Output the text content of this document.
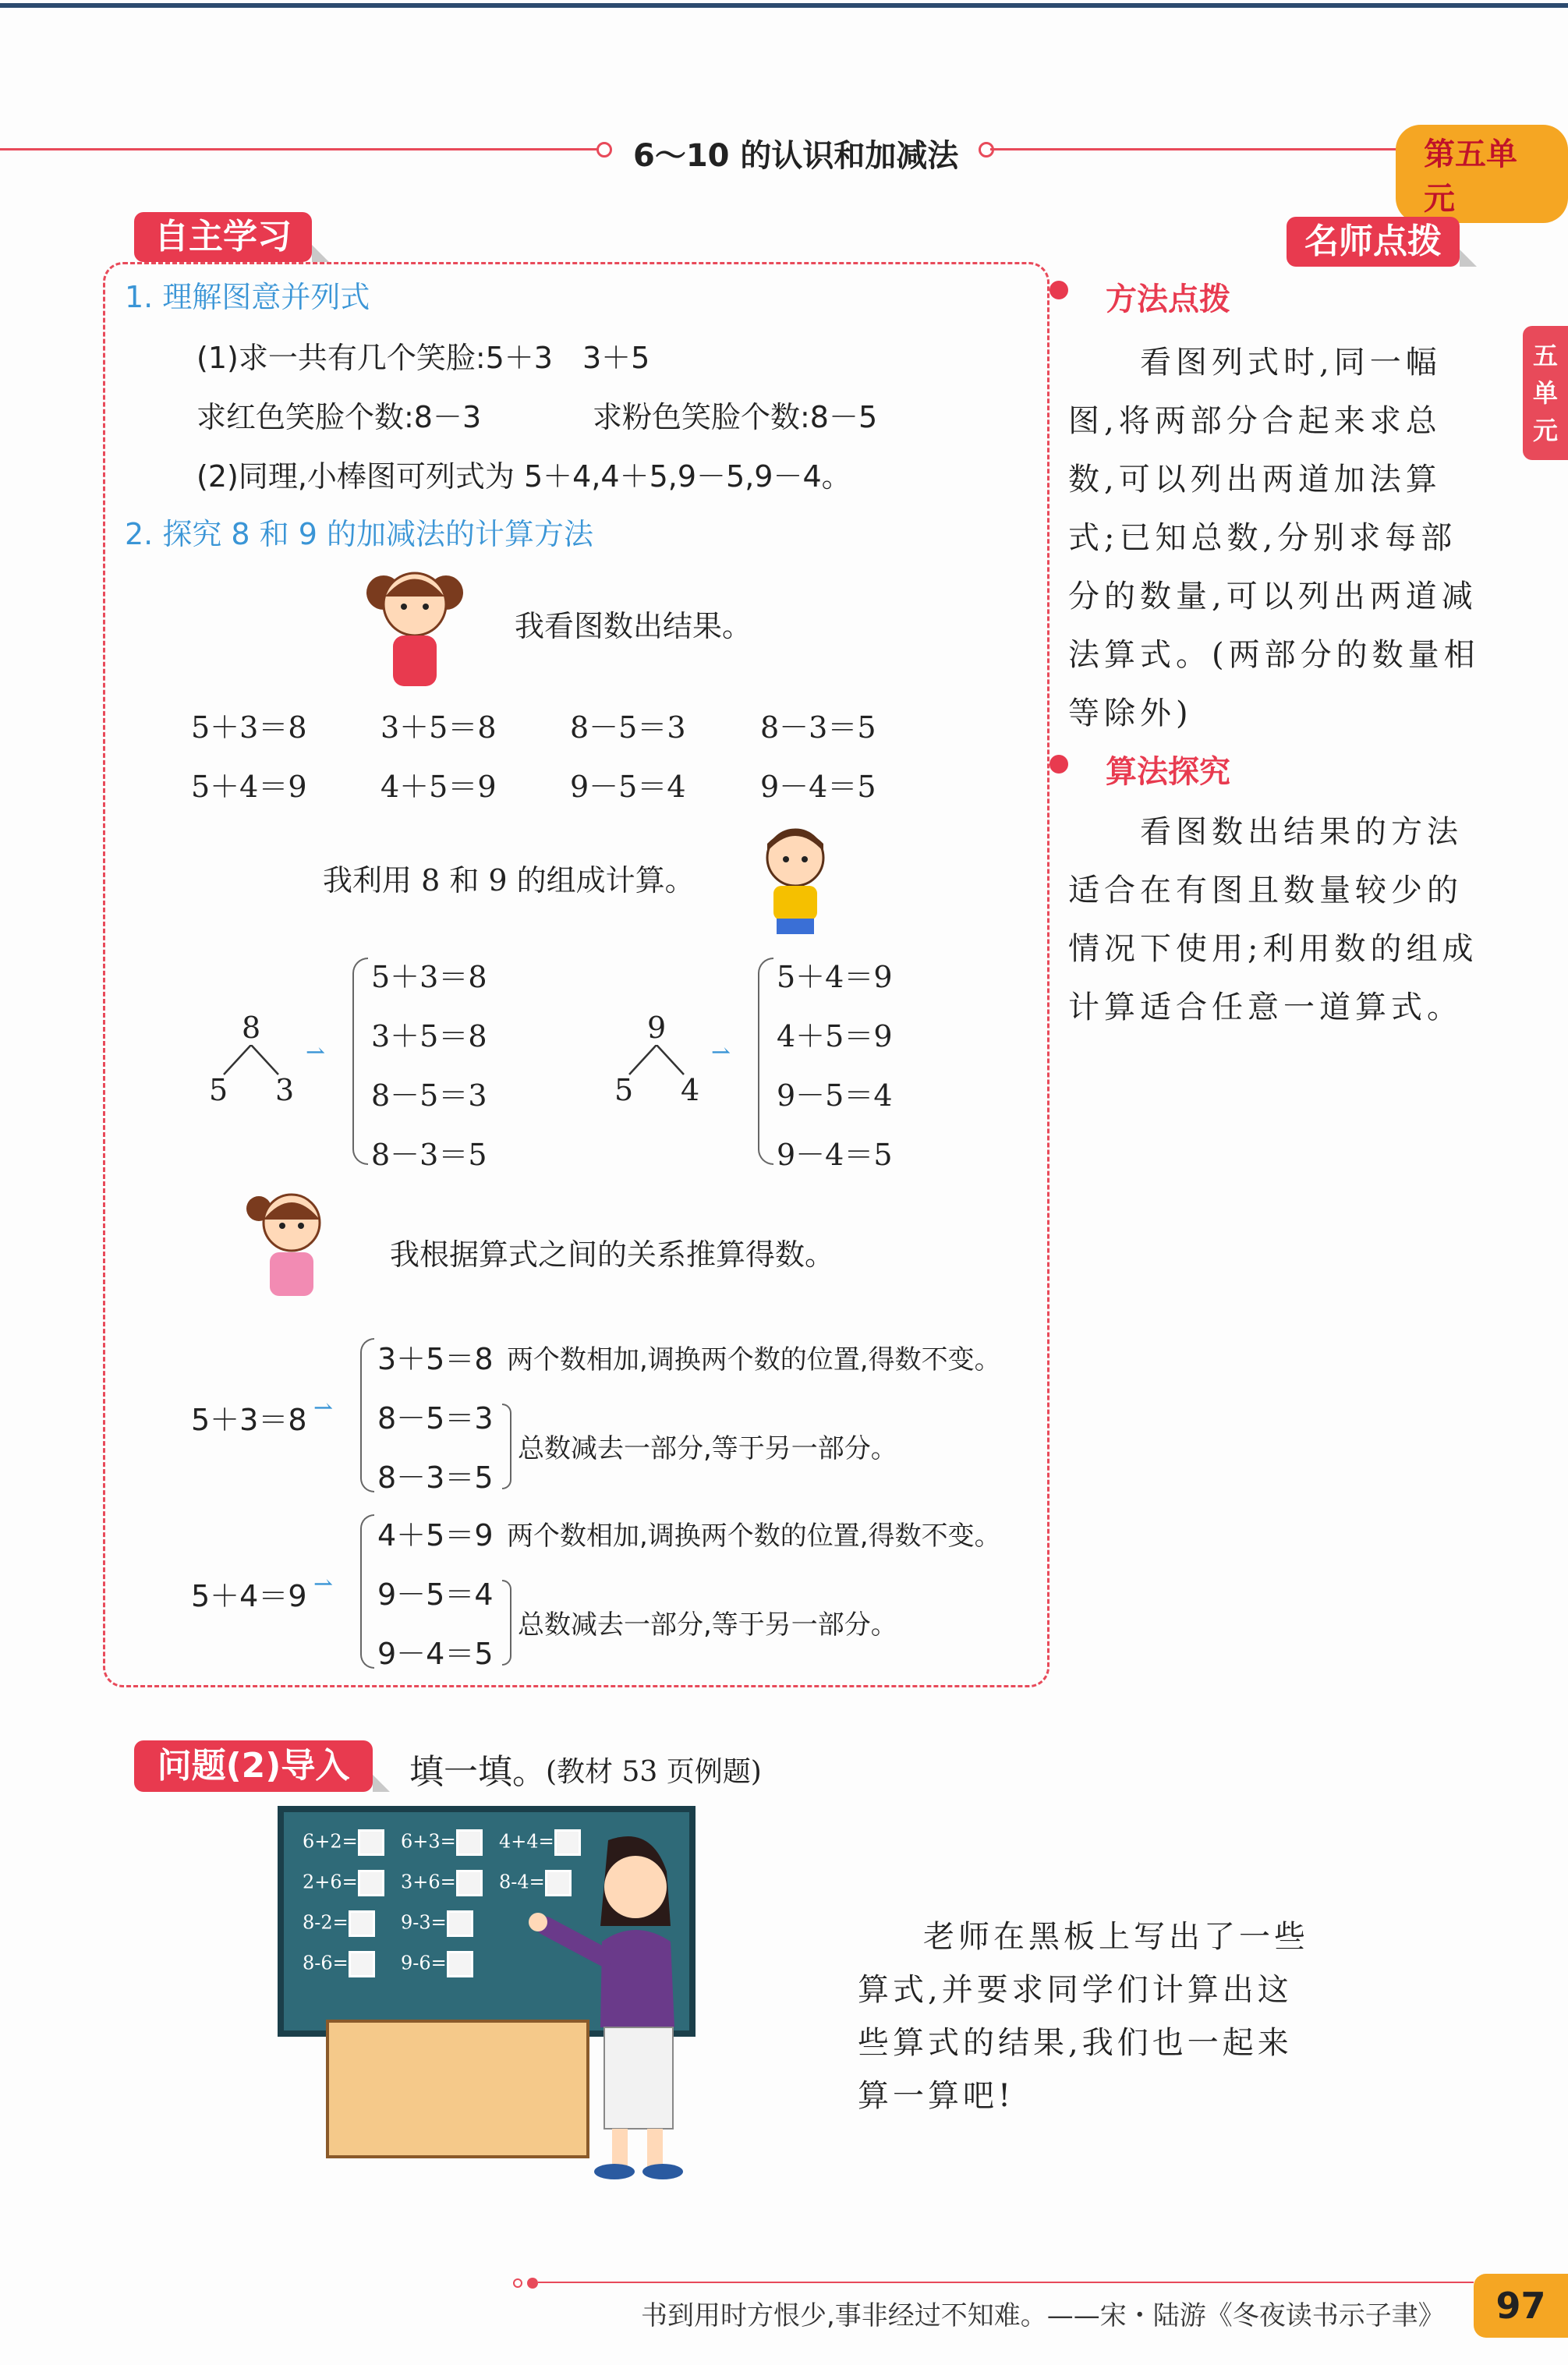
6～10 的认识和加减法	第五单元
五单元
自主学习	名师点拨
1. 理解图意并列式
(1)求一共有几个笑脸:5＋3　3＋5
求红色笑脸个数:8－3	求粉色笑脸个数:8－5
(2)同理,小棒图可列式为 5＋4,4＋5,9－5,9－4。
2. 探究 8 和 9 的加减法的计算方法
我看图数出结果。
5＋3＝8 3＋5＝8 8－5＝3	8－3＝5
5＋4＝9 4＋5＝9 9－5＝4	9－4＝5
我利用 8 和 9 的组成计算。
8
5 3
⇀
5＋3＝8
3＋5＝8
8－5＝3
8－3＝5
9
5 4
⇀
5＋4＝9
4＋5＝9
9－5＝4
9－4＝5
我根据算式之间的关系推算得数。
5＋3＝8 ⇀
3＋5＝8 两个数相加,调换两个数的位置,得数不变。
8－5＝3
8－3＝5
总数减去一部分,等于另一部分。
5＋4＝9 ⇀
4＋5＝9 两个数相加,调换两个数的位置,得数不变。
9－5＝4
9－4＝5
总数减去一部分,等于另一部分。
方法点拨
看图列式时,同一幅图,将两部分合起来求总数,可以列出两道加法算式;已知总数,分别求每部分的数量,可以列出两道减法算式。(两部分的数量相等除外)
算法探究
看图数出结果的方法适合在有图且数量较少的情况下使用;利用数的组成计算适合任意一道算式。
问题(2)导入	填一填。 (教材 53 页例题)
6+2=	6+3=	4+4=
2+6=	3+6=	8-4=
8-2=	9-3=
8-6=	9-6=
老师在黑板上写出了一些算式,并要求同学们计算出这些算式的结果,我们也一起来算一算吧!
书到用时方恨少,事非经过不知难。——宋・陆游《冬夜读书示子聿》	97
